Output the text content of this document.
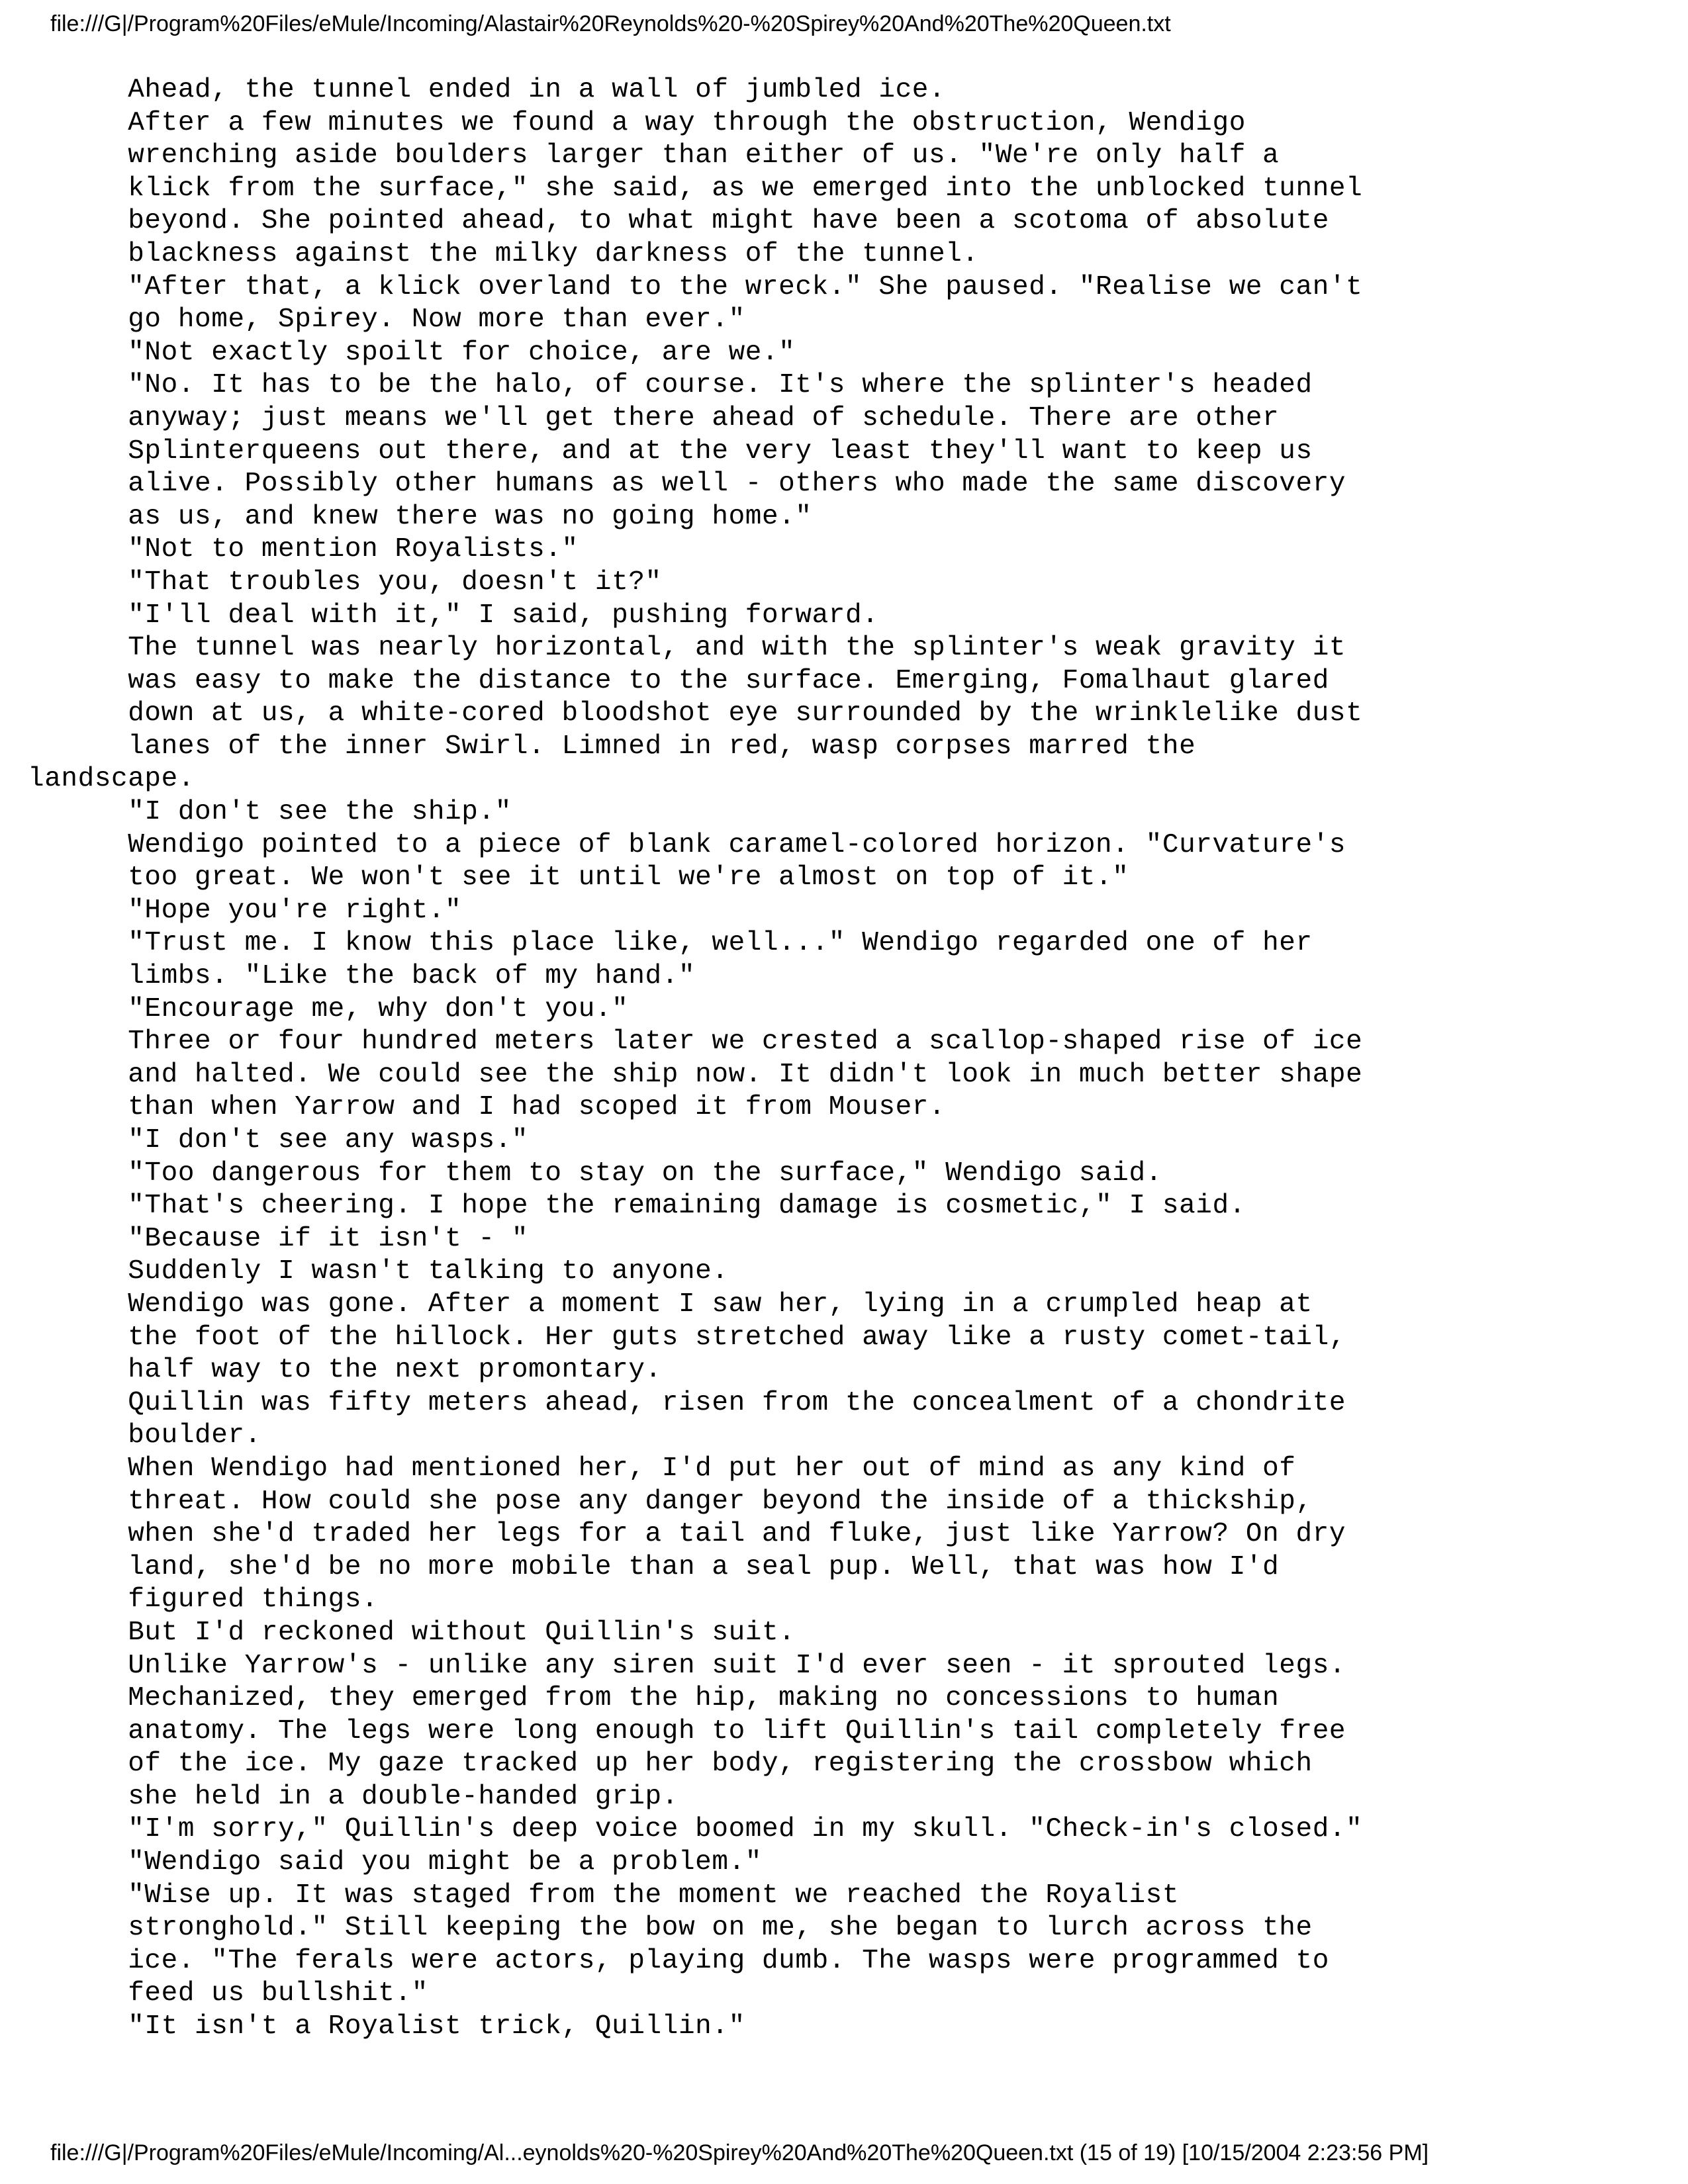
file:///G|/Program%20Files/eMule/Incoming/Alastair%20Reynolds%20-%20Spirey%20And%20The%20Queen.txt
Ahead, the tunnel ended in a wall of jumbled ice.
After a few minutes we found a way through the obstruction, Wendigo
wrenching aside boulders larger than either of us. "We're only half a
klick from the surface," she said, as we emerged into the unblocked tunnel
beyond. She pointed ahead, to what might have been a scotoma of absolute
blackness against the milky darkness of the tunnel.
"After that, a klick overland to the wreck." She paused. "Realise we can't
go home, Spirey. Now more than ever."
"Not exactly spoilt for choice, are we."
"No. It has to be the halo, of course. It's where the splinter's headed
anyway; just means we'll get there ahead of schedule. There are other
Splinterqueens out there, and at the very least they'll want to keep us
alive. Possibly other humans as well - others who made the same discovery
as us, and knew there was no going home."
"Not to mention Royalists."
"That troubles you, doesn't it?"
"I'll deal with it," I said, pushing forward.
The tunnel was nearly horizontal, and with the splinter's weak gravity it
was easy to make the distance to the surface. Emerging, Fomalhaut glared
down at us, a white-cored bloodshot eye surrounded by the wrinklelike dust
lanes of the inner Swirl. Limned in red, wasp corpses marred the
landscape.
"I don't see the ship."
Wendigo pointed to a piece of blank caramel-colored horizon. "Curvature's
too great. We won't see it until we're almost on top of it."
"Hope you're right."
"Trust me. I know this place like, well..." Wendigo regarded one of her
limbs. "Like the back of my hand."
"Encourage me, why don't you."
Three or four hundred meters later we crested a scallop-shaped rise of ice
and halted. We could see the ship now. It didn't look in much better shape
than when Yarrow and I had scoped it from Mouser.
"I don't see any wasps."
"Too dangerous for them to stay on the surface," Wendigo said.
"That's cheering. I hope the remaining damage is cosmetic," I said.
"Because if it isn't - "
Suddenly I wasn't talking to anyone.
Wendigo was gone. After a moment I saw her, lying in a crumpled heap at
the foot of the hillock. Her guts stretched away like a rusty comet-tail,
half way to the next promontary.
Quillin was fifty meters ahead, risen from the concealment of a chondrite
boulder.
When Wendigo had mentioned her, I'd put her out of mind as any kind of
threat. How could she pose any danger beyond the inside of a thickship,
when she'd traded her legs for a tail and fluke, just like Yarrow? On dry
land, she'd be no more mobile than a seal pup. Well, that was how I'd
figured things.
But I'd reckoned without Quillin's suit.
Unlike Yarrow's - unlike any siren suit I'd ever seen - it sprouted legs.
Mechanized, they emerged from the hip, making no concessions to human
anatomy. The legs were long enough to lift Quillin's tail completely free
of the ice. My gaze tracked up her body, registering the crossbow which
she held in a double-handed grip.
"I'm sorry," Quillin's deep voice boomed in my skull. "Check-in's closed."
"Wendigo said you might be a problem."
"Wise up. It was staged from the moment we reached the Royalist
stronghold." Still keeping the bow on me, she began to lurch across the
ice. "The ferals were actors, playing dumb. The wasps were programmed to
feed us bullshit."
"It isn't a Royalist trick, Quillin."
file:///G|/Program%20Files/eMule/Incoming/Al...eynolds%20-%20Spirey%20And%20The%20Queen.txt (15 of 19) [10/15/2004 2:23:56 PM]
